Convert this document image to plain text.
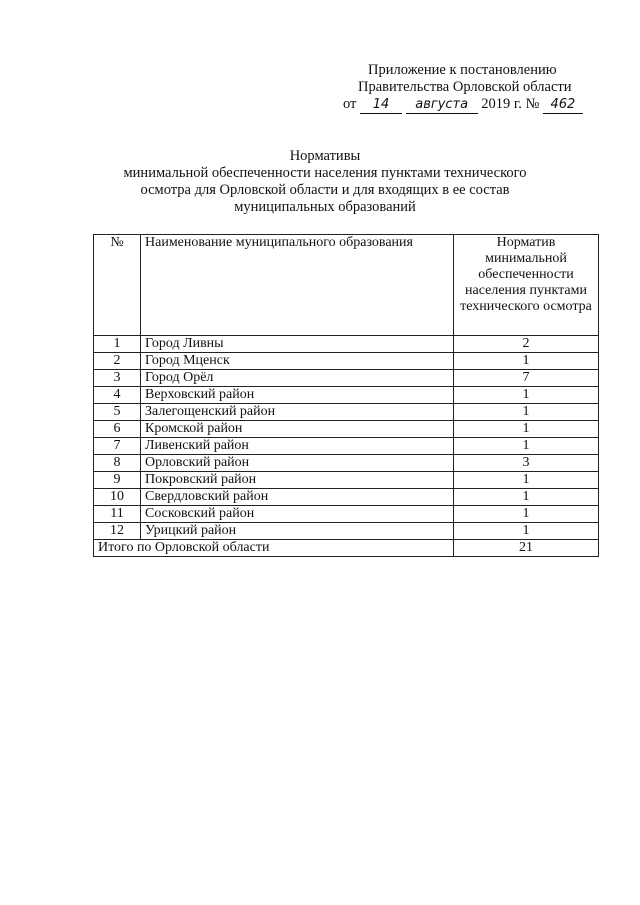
Приложение к постановлению
Правительства Орловской области
от 14 августа 2019 г. № 462
Нормативы
минимальной обеспеченности населения пунктами технического
осмотра для Орловской области и для входящих в ее состав
муниципальных образований
№	Наименование муниципального образования	Норматив минимальной обеспеченности населения пунктами технического осмотра
1	Город Ливны	2
2	Город Мценск	1
3	Город Орёл	7
4	Верховский район	1
5	Залегощенский район	1
6	Кромской район	1
7	Ливенский район	1
8	Орловский район	3
9	Покровский район	1
10	Свердловский район	1
11	Сосковский район	1
12	Урицкий район	1
Итого по Орловской области		21
